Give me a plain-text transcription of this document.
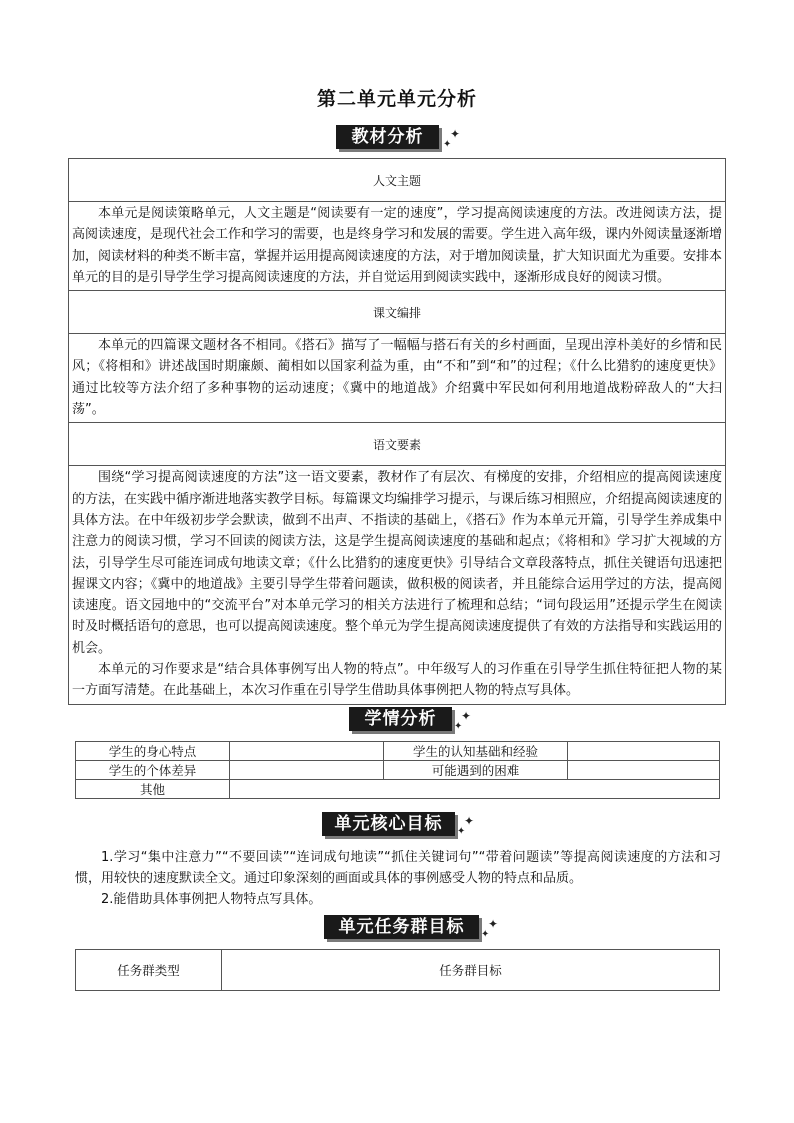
第二单元单元分析
教材分析	✦
✦
人文主题

本单元是阅读策略单元，人文主题是“阅读要有一定的速度”，学习提高阅读速度的方法。改进阅读方法，提高阅读速度，是现代社会工作和学习的需要，也是终身学习和发展的需要。学生进入高年级，课内外阅读量逐渐增加，阅读材料的种类不断丰富，掌握并运用提高阅读速度的方法，对于增加阅读量，扩大知识面尤为重要。安排本单元的目的是引导学生学习提高阅读速度的方法，并自觉运用到阅读实践中，逐渐形成良好的阅读习惯。

课文编排

本单元的四篇课文题材各不相同。《搭石》描写了一幅幅与搭石有关的乡村画面，呈现出淳朴美好的乡情和民风；《将相和》讲述战国时期廉颇、蔺相如以国家利益为重，由“不和”到“和”的过程；《什么比猎豹的速度更快》通过比较等方法介绍了多种事物的运动速度；《冀中的地道战》介绍冀中军民如何利用地道战粉碎敌人的“大扫荡”。

语文要素

围绕“学习提高阅读速度的方法”这一语文要素，教材作了有层次、有梯度的安排，介绍相应的提高阅读速度的方法，在实践中循序渐进地落实教学目标。每篇课文均编排学习提示，与课后练习相照应，介绍提高阅读速度的具体方法。在中年级初步学会默读，做到不出声、不指读的基础上，《搭石》作为本单元开篇，引导学生养成集中注意力的阅读习惯，学习不回读的阅读方法，这是学生提高阅读速度的基础和起点；《将相和》学习扩大视域的方法，引导学生尽可能连词成句地读文章；《什么比猎豹的速度更快》引导结合文章段落特点，抓住关键语句迅速把握课文内容；《冀中的地道战》主要引导学生带着问题读，做积极的阅读者，并且能综合运用学过的方法，提高阅读速度。语文园地中的“交流平台”对本单元学习的相关方法进行了梳理和总结；“词句段运用”还提示学生在阅读时及时概括语句的意思，也可以提高阅读速度。整个单元为学生提高阅读速度提供了有效的方法指导和实践运用的机会。

本单元的习作要求是“结合具体事例写出人物的特点”。中年级写人的习作重在引导学生抓住特征把人物的某一方面写清楚。在此基础上，本次习作重在引导学生借助具体事例把人物的特点写具体。

学情分析	✦
✦
学生的身心特点		学生的认知基础和经验	
学生的个体差异		可能遇到的困难	
其他			
单元核心目标	✦
✦

1.学习“集中注意力”“不要回读”“连词成句地读”“抓住关键词句”“带着问题读”等提高阅读速度的方法和习惯，用较快的速度默读全文。通过印象深刻的画面或具体的事例感受人物的特点和品质。

2.能借助具体事例把人物特点写具体。

单元任务群目标	✦
✦
任务群类型	任务群目标
